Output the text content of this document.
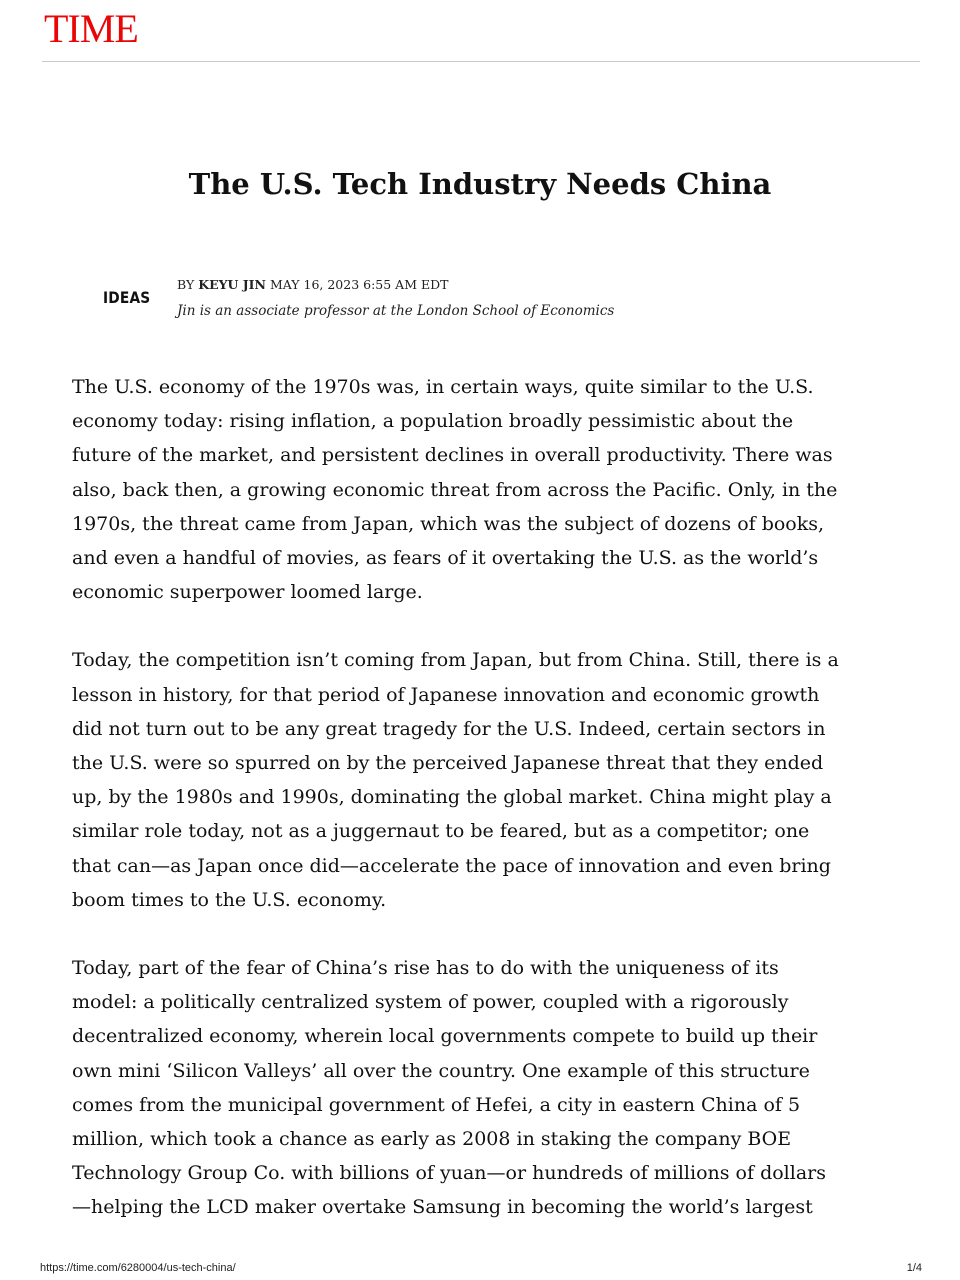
TIME
The U.S. Tech Industry Needs China
IDEAS
BY KEYU JIN MAY 16, 2023 6:55 AM EDT
Jin is an associate professor at the London School of Economics

The U.S. economy of the 1970s was, in certain ways, quite similar to the U.S.
economy today: rising inflation, a population broadly pessimistic about the
future of the market, and persistent declines in overall productivity. There was
also, back then, a growing economic threat from across the Pacific. Only, in the
1970s, the threat came from Japan, which was the subject of dozens of books,
and even a handful of movies, as fears of it overtaking the U.S. as the world’s
economic superpower loomed large.

Today, the competition isn’t coming from Japan, but from China. Still, there is a
lesson in history, for that period of Japanese innovation and economic growth
did not turn out to be any great tragedy for the U.S. Indeed, certain sectors in
the U.S. were so spurred on by the perceived Japanese threat that they ended
up, by the 1980s and 1990s, dominating the global market. China might play a
similar role today, not as a juggernaut to be feared, but as a competitor; one
that can—as Japan once did—accelerate the pace of innovation and even bring
boom times to the U.S. economy.

Today, part of the fear of China’s rise has to do with the uniqueness of its
model: a politically centralized system of power, coupled with a rigorously
decentralized economy, wherein local governments compete to build up their
own mini ‘Silicon Valleys’ all over the country. One example of this structure
comes from the municipal government of Hefei, a city in eastern China of 5
million, which took a chance as early as 2008 in staking the company BOE
Technology Group Co. with billions of yuan—or hundreds of millions of dollars
—helping the LCD maker overtake Samsung in becoming the world’s largest

https://time.com/6280004/us-tech-china/	1/4
